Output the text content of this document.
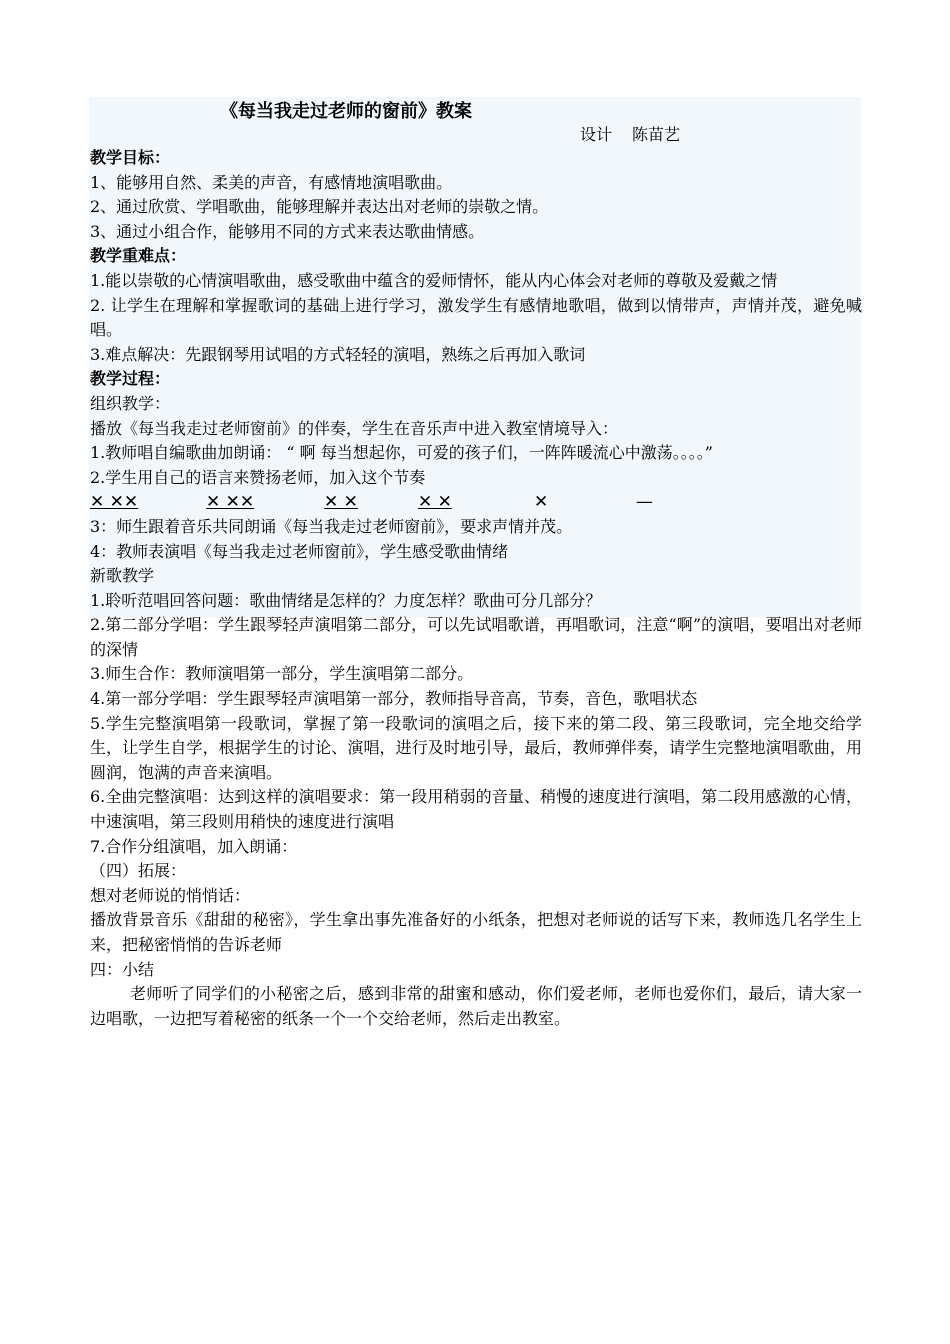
《每当我走过老师的窗前》教案
设计 陈苗艺
教学目标：
1、能够用自然、柔美的声音，有感情地演唱歌曲。
2、通过欣赏、学唱歌曲，能够理解并表达出对老师的崇敬之情。
3、通过小组合作，能够用不同的方式来表达歌曲情感。
教学重难点：
1.能以崇敬的心情演唱歌曲，感受歌曲中蕴含的爱师情怀，能从内心体会对老师的尊敬及爱戴之情
2. 让学生在理解和掌握歌词的基础上进行学习，激发学生有感情地歌唱，做到以情带声，声情并茂，避免喊唱。
3.难点解决：先跟钢琴用试唱的方式轻轻的演唱，熟练之后再加入歌词
教学过程：
组织教学：
播放《每当我走过老师窗前》的伴奏，学生在音乐声中进入教室情境导入：
1.教师唱自编歌曲加朗诵： “ 啊 每当想起你，可爱的孩子们，一阵阵暖流心中激荡。。。。”
2.学生用自己的语言来赞扬老师，加入这个节奏
✕ ✕✕	✕ ✕✕	✕ ✕	✕ ✕	✕	—
3：师生跟着音乐共同朗诵《每当我走过老师窗前》，要求声情并茂。
4：教师表演唱《每当我走过老师窗前》，学生感受歌曲情绪
新歌教学
1.聆听范唱回答问题：歌曲情绪是怎样的？力度怎样？歌曲可分几部分？
2.第二部分学唱：学生跟琴轻声演唱第二部分，可以先试唱歌谱，再唱歌词，注意“啊”的演唱，要唱出对老师的深情
3.师生合作：教师演唱第一部分，学生演唱第二部分。
4.第一部分学唱：学生跟琴轻声演唱第一部分，教师指导音高，节奏，音色，歌唱状态
5.学生完整演唱第一段歌词，掌握了第一段歌词的演唱之后，接下来的第二段、第三段歌词，完全地交给学生，让学生自学，根据学生的讨论、演唱，进行及时地引导，最后，教师弹伴奏，请学生完整地演唱歌曲，用圆润，饱满的声音来演唱。
6.全曲完整演唱：达到这样的演唱要求：第一段用稍弱的音量、稍慢的速度进行演唱，第二段用感激的心情，中速演唱，第三段则用稍快的速度进行演唱
7.合作分组演唱，加入朗诵：
（四）拓展：
想对老师说的悄悄话：
播放背景音乐《甜甜的秘密》，学生拿出事先准备好的小纸条，把想对老师说的话写下来，教师选几名学生上来，把秘密悄悄的告诉老师
四：小结
老师听了同学们的小秘密之后，感到非常的甜蜜和感动，你们爱老师，老师也爱你们，最后，请大家一边唱歌，一边把写着秘密的纸条一个一个交给老师，然后走出教室。
